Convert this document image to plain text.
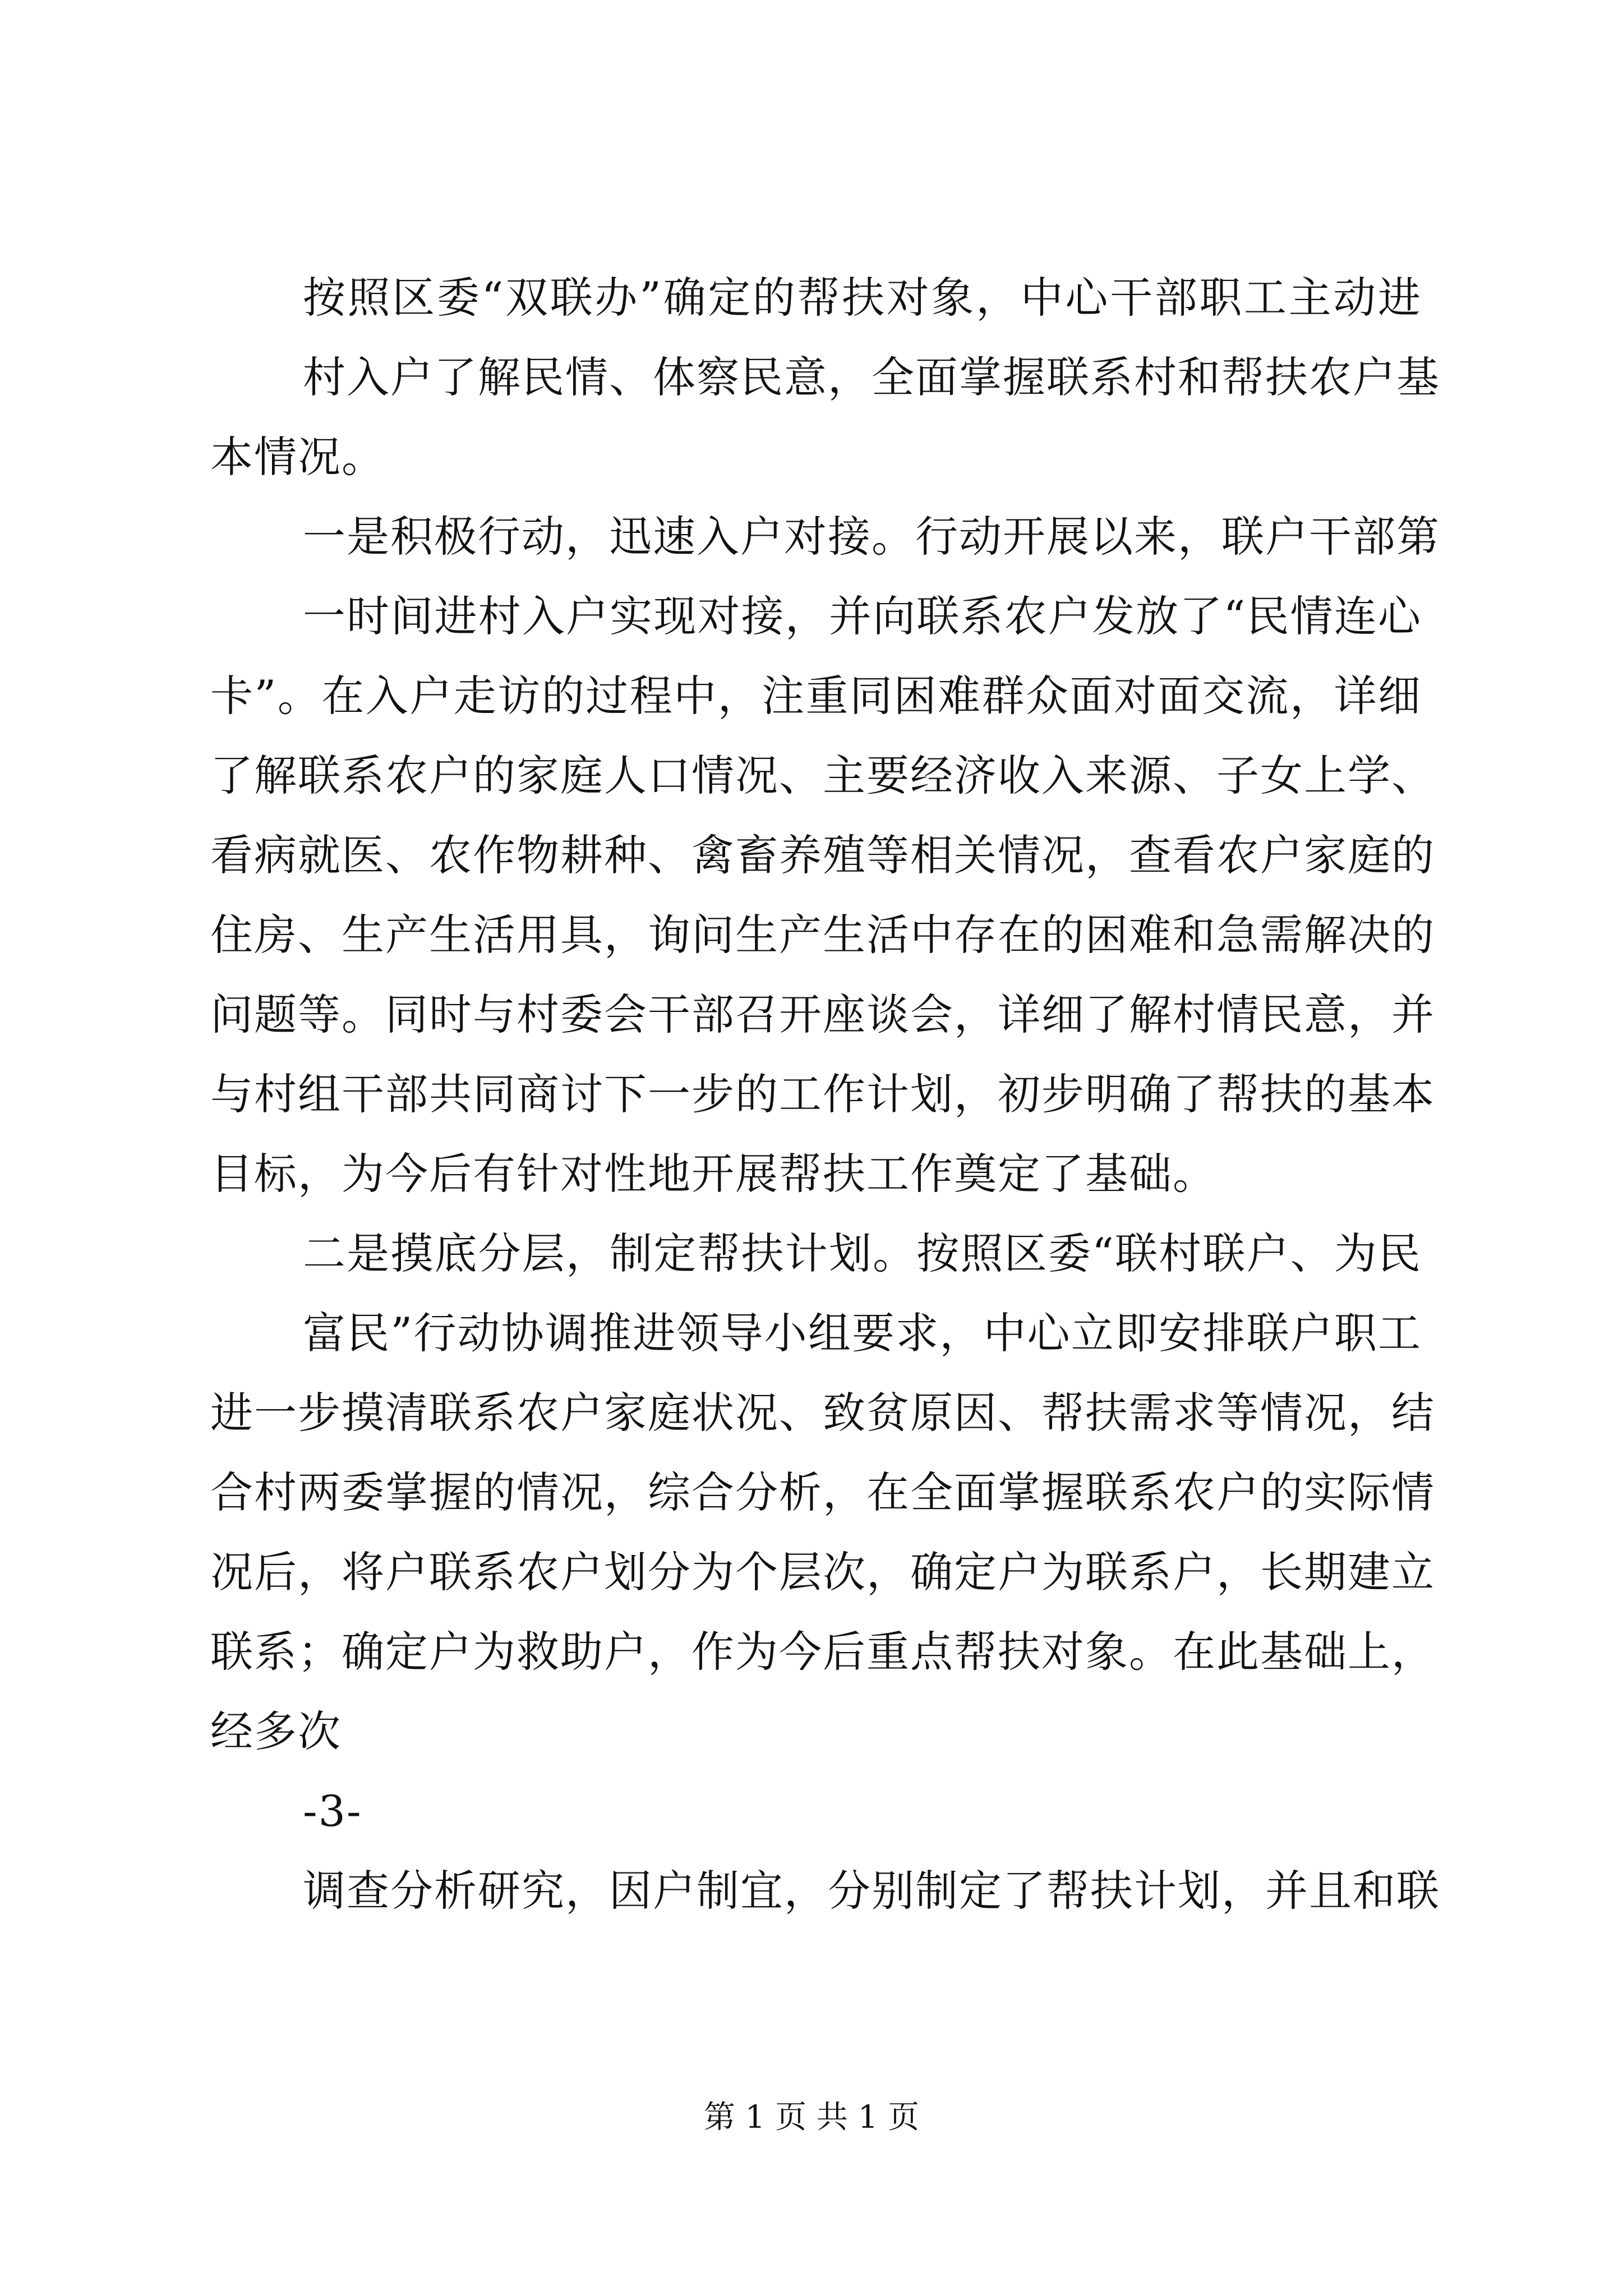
按照区委“双联办”确定的帮扶对象，中心干部职工主动进
村入户了解民情、体察民意，全面掌握联系村和帮扶农户基
本情况。
一是积极行动，迅速入户对接。行动开展以来，联户干部第
一时间进村入户实现对接，并向联系农户发放了“民情连心
卡”。在入户走访的过程中，注重同困难群众面对面交流，详细
了解联系农户的家庭人口情况、主要经济收入来源、子女上学、
看病就医、农作物耕种、禽畜养殖等相关情况，查看农户家庭的
住房、生产生活用具，询问生产生活中存在的困难和急需解决的
问题等。同时与村委会干部召开座谈会，详细了解村情民意，并
与村组干部共同商讨下一步的工作计划，初步明确了帮扶的基本
目标，为今后有针对性地开展帮扶工作奠定了基础。
二是摸底分层，制定帮扶计划。按照区委“联村联户、为民
富民”行动协调推进领导小组要求，中心立即安排联户职工
进一步摸清联系农户家庭状况、致贫原因、帮扶需求等情况，结
合村两委掌握的情况，综合分析，在全面掌握联系农户的实际情
况后，将户联系农户划分为个层次，确定户为联系户，长期建立
联系；确定户为救助户，作为今后重点帮扶对象。在此基础上，
经多次
-3-
调查分析研究，因户制宜，分别制定了帮扶计划，并且和联
第 1 页 共 1 页
